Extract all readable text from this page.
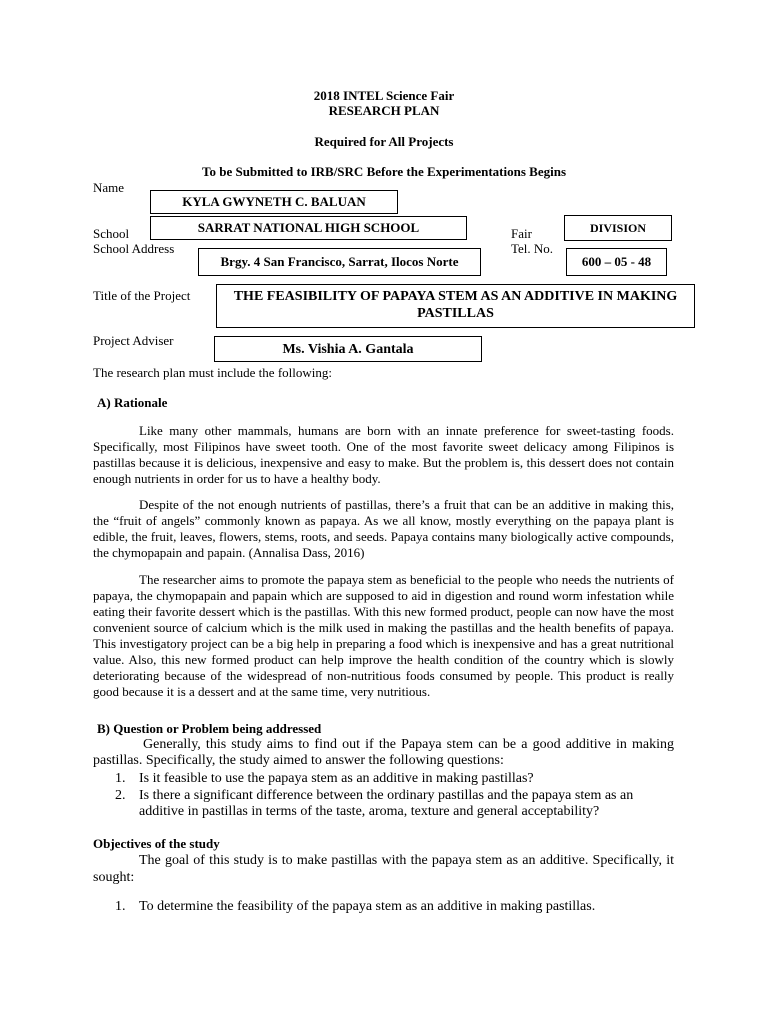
2018 INTEL Science Fair
RESEARCH PLAN
Required for All Projects
To be Submitted to IRB/SRC Before the Experimentations Begins
Name
School
School Address
Fair
Tel. No.
Title of the Project
Project Adviser
KYLA GWYNETH C. BALUAN
SARRAT NATIONAL HIGH SCHOOL
Brgy. 4 San Francisco, Sarrat, Ilocos Norte
DIVISION
600 – 05 - 48
THE FEASIBILITY OF PAPAYA STEM AS AN ADDITIVE IN MAKING PASTILLAS
Ms. Vishia A. Gantala
The research plan must include the following:
A) Rationale
Like many other mammals, humans are born with an innate preference for sweet-tasting foods. Specifically, most Filipinos have sweet tooth. One of the most favorite sweet delicacy among Filipinos is pastillas because it is delicious, inexpensive and easy to make. But the problem is, this dessert does not contain enough nutrients in order for us to have a healthy body.
Despite of the not enough nutrients of pastillas, there’s a fruit that can be an additive in making this, the “fruit of angels” commonly known as papaya. As we all know, mostly everything on the papaya plant is edible, the fruit, leaves, flowers, stems, roots, and seeds. Papaya contains many biologically active compounds, the chymopapain and papain. (Annalisa Dass, 2016)
The researcher aims to promote the papaya stem as beneficial to the people who needs the nutrients of papaya, the chymopapain and papain which are supposed to aid in digestion and round worm infestation while eating their favorite dessert which is the pastillas. With this new formed product, people can now have the most convenient source of calcium which is the milk used in making the pastillas and the health benefits of papaya. This investigatory project can be a big help in preparing a food which is inexpensive and has a great nutritional value. Also, this new formed product can help improve the health condition of the country which is slowly deteriorating because of the widespread of non-nutritious foods consumed by people. This product is really good because it is a dessert and at the same time, very nutritious.
B) Question or Problem being addressed
Generally, this study aims to find out if the Papaya stem can be a good additive in making pastillas. Specifically, the study aimed to answer the following questions:
1. Is it feasible to use the papaya stem as an additive in making pastillas?
2. Is there a significant difference between the ordinary pastillas and the papaya stem as an additive in pastillas in terms of the taste, aroma, texture and general acceptability?
Objectives of the study
The goal of this study is to make pastillas with the papaya stem as an additive. Specifically, it sought:
1. To determine the feasibility of the papaya stem as an additive in making pastillas.
